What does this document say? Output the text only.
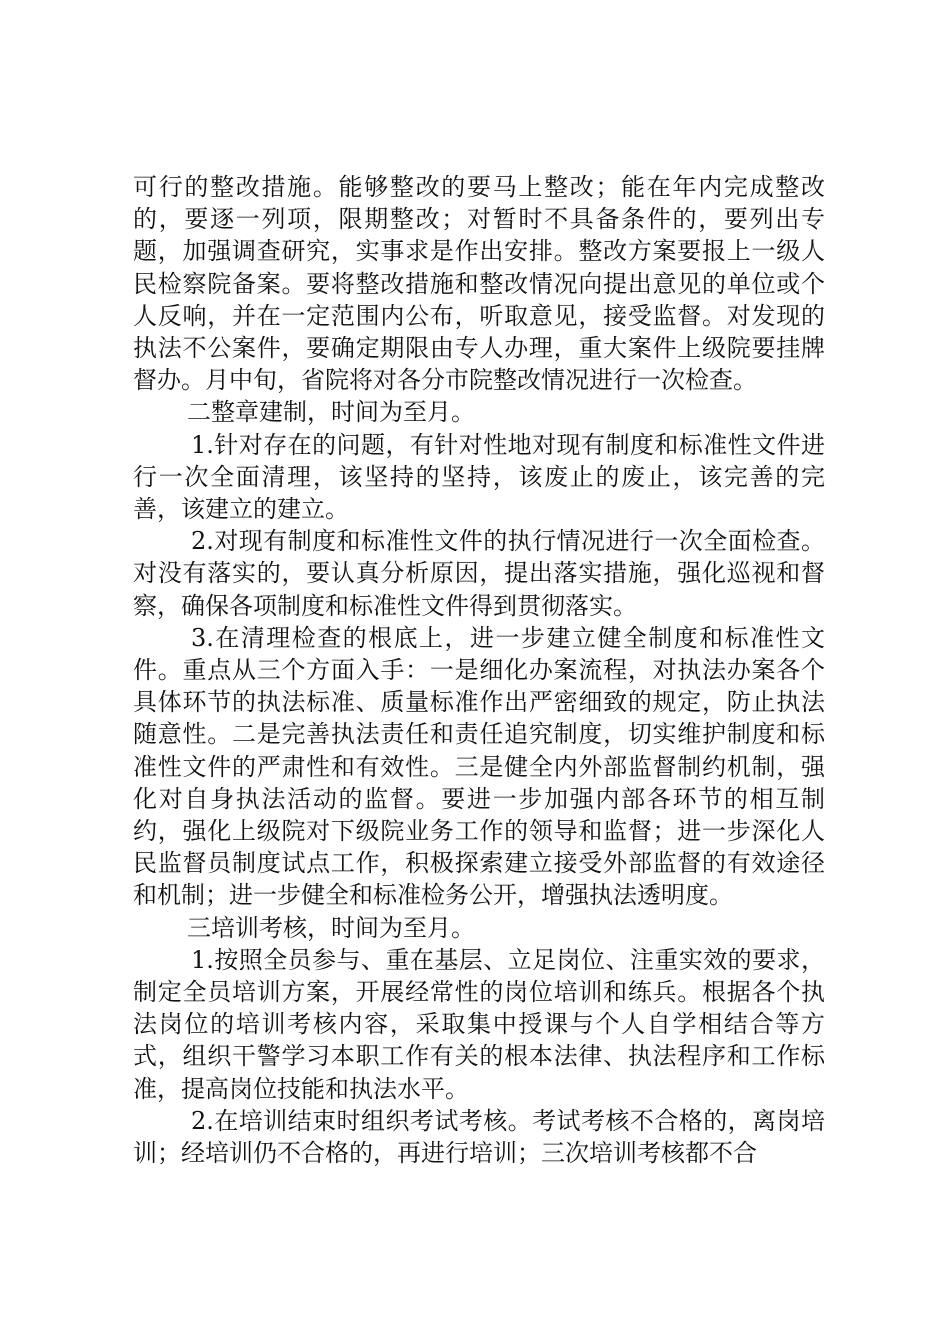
可行的整改措施。能够整改的要马上整改；能在年内完成整改的，要逐一列项，限期整改；对暂时不具备条件的，要列出专题，加强调查研究，实事求是作出安排。整改方案要报上一级人民检察院备案。要将整改措施和整改情况向提出意见的单位或个人反响，并在一定范围内公布，听取意见，接受监督。对发现的执法不公案件，要确定期限由专人办理，重大案件上级院要挂牌督办。月中旬，省院将对各分市院整改情况进行一次检查。

二整章建制，时间为至月。

1.针对存在的问题，有针对性地对现有制度和标准性文件进行一次全面清理，该坚持的坚持，该废止的废止，该完善的完善，该建立的建立。

2.对现有制度和标准性文件的执行情况进行一次全面检查。对没有落实的，要认真分析原因，提出落实措施，强化巡视和督察，确保各项制度和标准性文件得到贯彻落实。

3.在清理检查的根底上，进一步建立健全制度和标准性文件。重点从三个方面入手：一是细化办案流程，对执法办案各个具体环节的执法标准、质量标准作出严密细致的规定，防止执法随意性。二是完善执法责任和责任追究制度，切实维护制度和标准性文件的严肃性和有效性。三是健全内外部监督制约机制，强化对自身执法活动的监督。要进一步加强内部各环节的相互制约，强化上级院对下级院业务工作的领导和监督；进一步深化人民监督员制度试点工作，积极探索建立接受外部监督的有效途径和机制；进一步健全和标准检务公开，增强执法透明度。

三培训考核，时间为至月。

1.按照全员参与、重在基层、立足岗位、注重实效的要求，制定全员培训方案，开展经常性的岗位培训和练兵。根据各个执法岗位的培训考核内容，采取集中授课与个人自学相结合等方式，组织干警学习本职工作有关的根本法律、执法程序和工作标准，提高岗位技能和执法水平。

2.在培训结束时组织考试考核。考试考核不合格的，离岗培训；经培训仍不合格的，再进行培训；三次培训考核都不合
